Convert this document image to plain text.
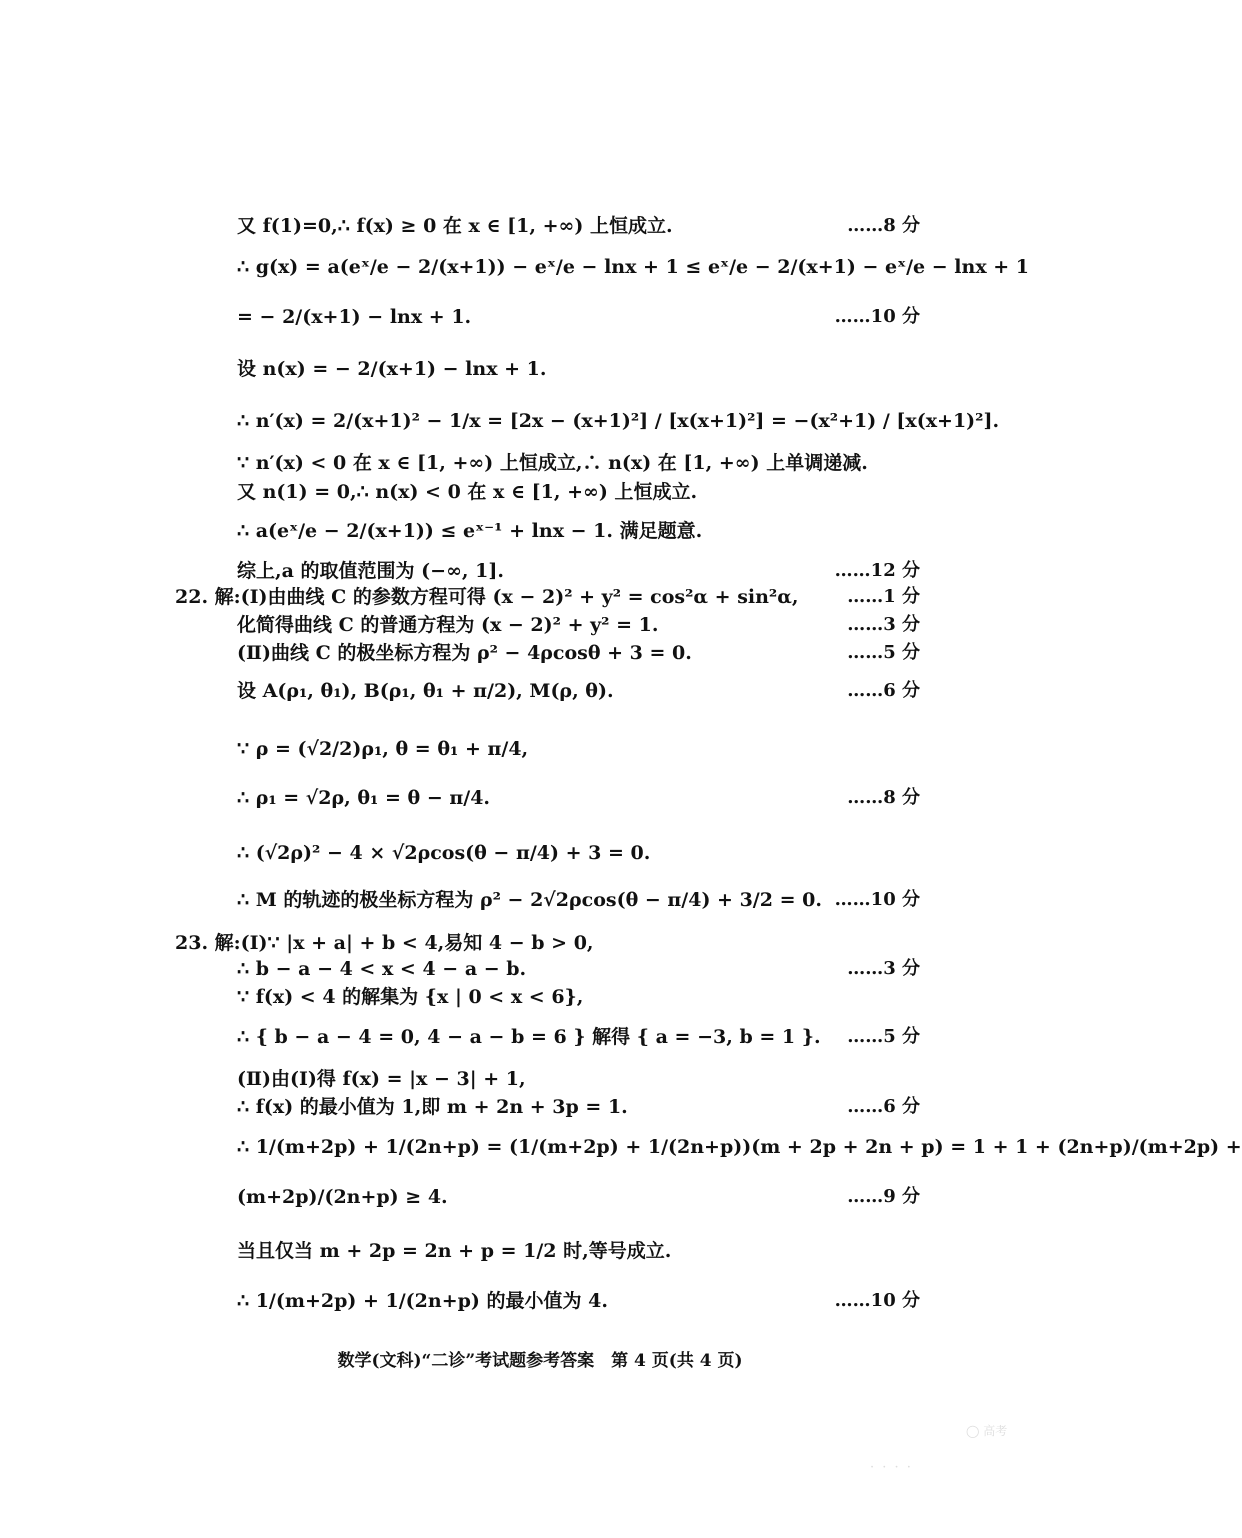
又 f(1)=0,∴ f(x) ≥ 0 在 x ∈ [1, +∞) 上恒成立.	……8 分
∴ g(x) = a(eˣ/e − 2/(x+1)) − eˣ/e − lnx + 1 ≤ eˣ/e − 2/(x+1) − eˣ/e − lnx + 1
= − 2/(x+1) − lnx + 1.	……10 分
设 n(x) = − 2/(x+1) − lnx + 1.
∴ n′(x) = 2/(x+1)² − 1/x = [2x − (x+1)²] / [x(x+1)²] = −(x²+1) / [x(x+1)²].
∵ n′(x) < 0 在 x ∈ [1, +∞) 上恒成立,∴ n(x) 在 [1, +∞) 上单调递减.
又 n(1) = 0,∴ n(x) < 0 在 x ∈ [1, +∞) 上恒成立.
∴ a(eˣ/e − 2/(x+1)) ≤ eˣ⁻¹ + lnx − 1. 满足题意.
综上,a 的取值范围为 (−∞, 1].	……12 分
22. 解:(Ⅰ)由曲线 C 的参数方程可得 (x − 2)² + y² = cos²α + sin²α,	……1 分
化简得曲线 C 的普通方程为 (x − 2)² + y² = 1.	……3 分
(Ⅱ)曲线 C 的极坐标方程为 ρ² − 4ρcosθ + 3 = 0.	……5 分
设 A(ρ₁, θ₁), B(ρ₁, θ₁ + π/2), M(ρ, θ).	……6 分
∵ ρ = (√2/2)ρ₁, θ = θ₁ + π/4,
∴ ρ₁ = √2ρ, θ₁ = θ − π/4.	……8 分
∴ (√2ρ)² − 4 × √2ρcos(θ − π/4) + 3 = 0.
∴ M 的轨迹的极坐标方程为 ρ² − 2√2ρcos(θ − π/4) + 3/2 = 0. ……10 分
23. 解:(Ⅰ)∵ |x + a| + b < 4,易知 4 − b > 0,
∴ b − a − 4 < x < 4 − a − b.	……3 分
∵ f(x) < 4 的解集为 {x | 0 < x < 6},
∴ { b − a − 4 = 0, 4 − a − b = 6 } 解得 { a = −3, b = 1 }. ……5 分
(Ⅱ)由(Ⅰ)得 f(x) = |x − 3| + 1,
∴ f(x) 的最小值为 1,即 m + 2n + 3p = 1.	……6 分
∴ 1/(m+2p) + 1/(2n+p) = (1/(m+2p) + 1/(2n+p))(m + 2p + 2n + p) = 1 + 1 + (2n+p)/(m+2p) +
(m+2p)/(2n+p) ≥ 4.	……9 分
当且仅当 m + 2p = 2n + p = 1/2 时,等号成立.
∴ 1/(m+2p) + 1/(2n+p) 的最小值为 4.	……10 分
数学(文科)“二诊”考试题参考答案　第 4 页(共 4 页)
◯ 高考
· · · ·
